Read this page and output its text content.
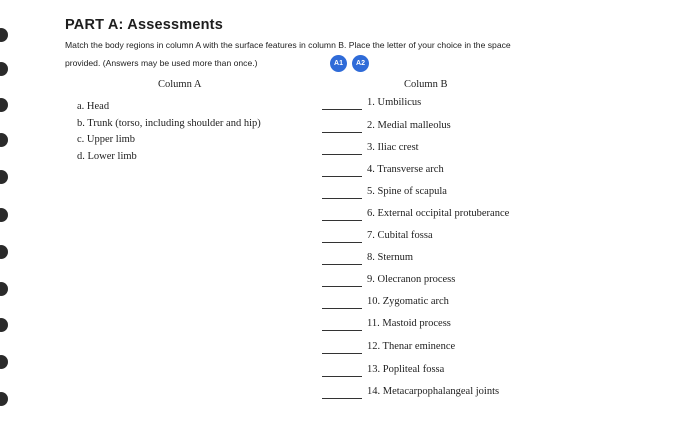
PART A: Assessments
Match the body regions in column A with the surface features in column B. Place the letter of your choice in the space
provided. (Answers may be used more than once.)	A1	A2
Column A	Column B
a. Head
b. Trunk (torso, including shoulder and hip)
c. Upper limb
d. Lower limb
1. Umbilicus
2. Medial malleolus
3. Iliac crest
4. Transverse arch
5. Spine of scapula
6. External occipital protuberance
7. Cubital fossa
8. Sternum
9. Olecranon process
10. Zygomatic arch
11. Mastoid process
12. Thenar eminence
13. Popliteal fossa
14. Metacarpophalangeal joints
